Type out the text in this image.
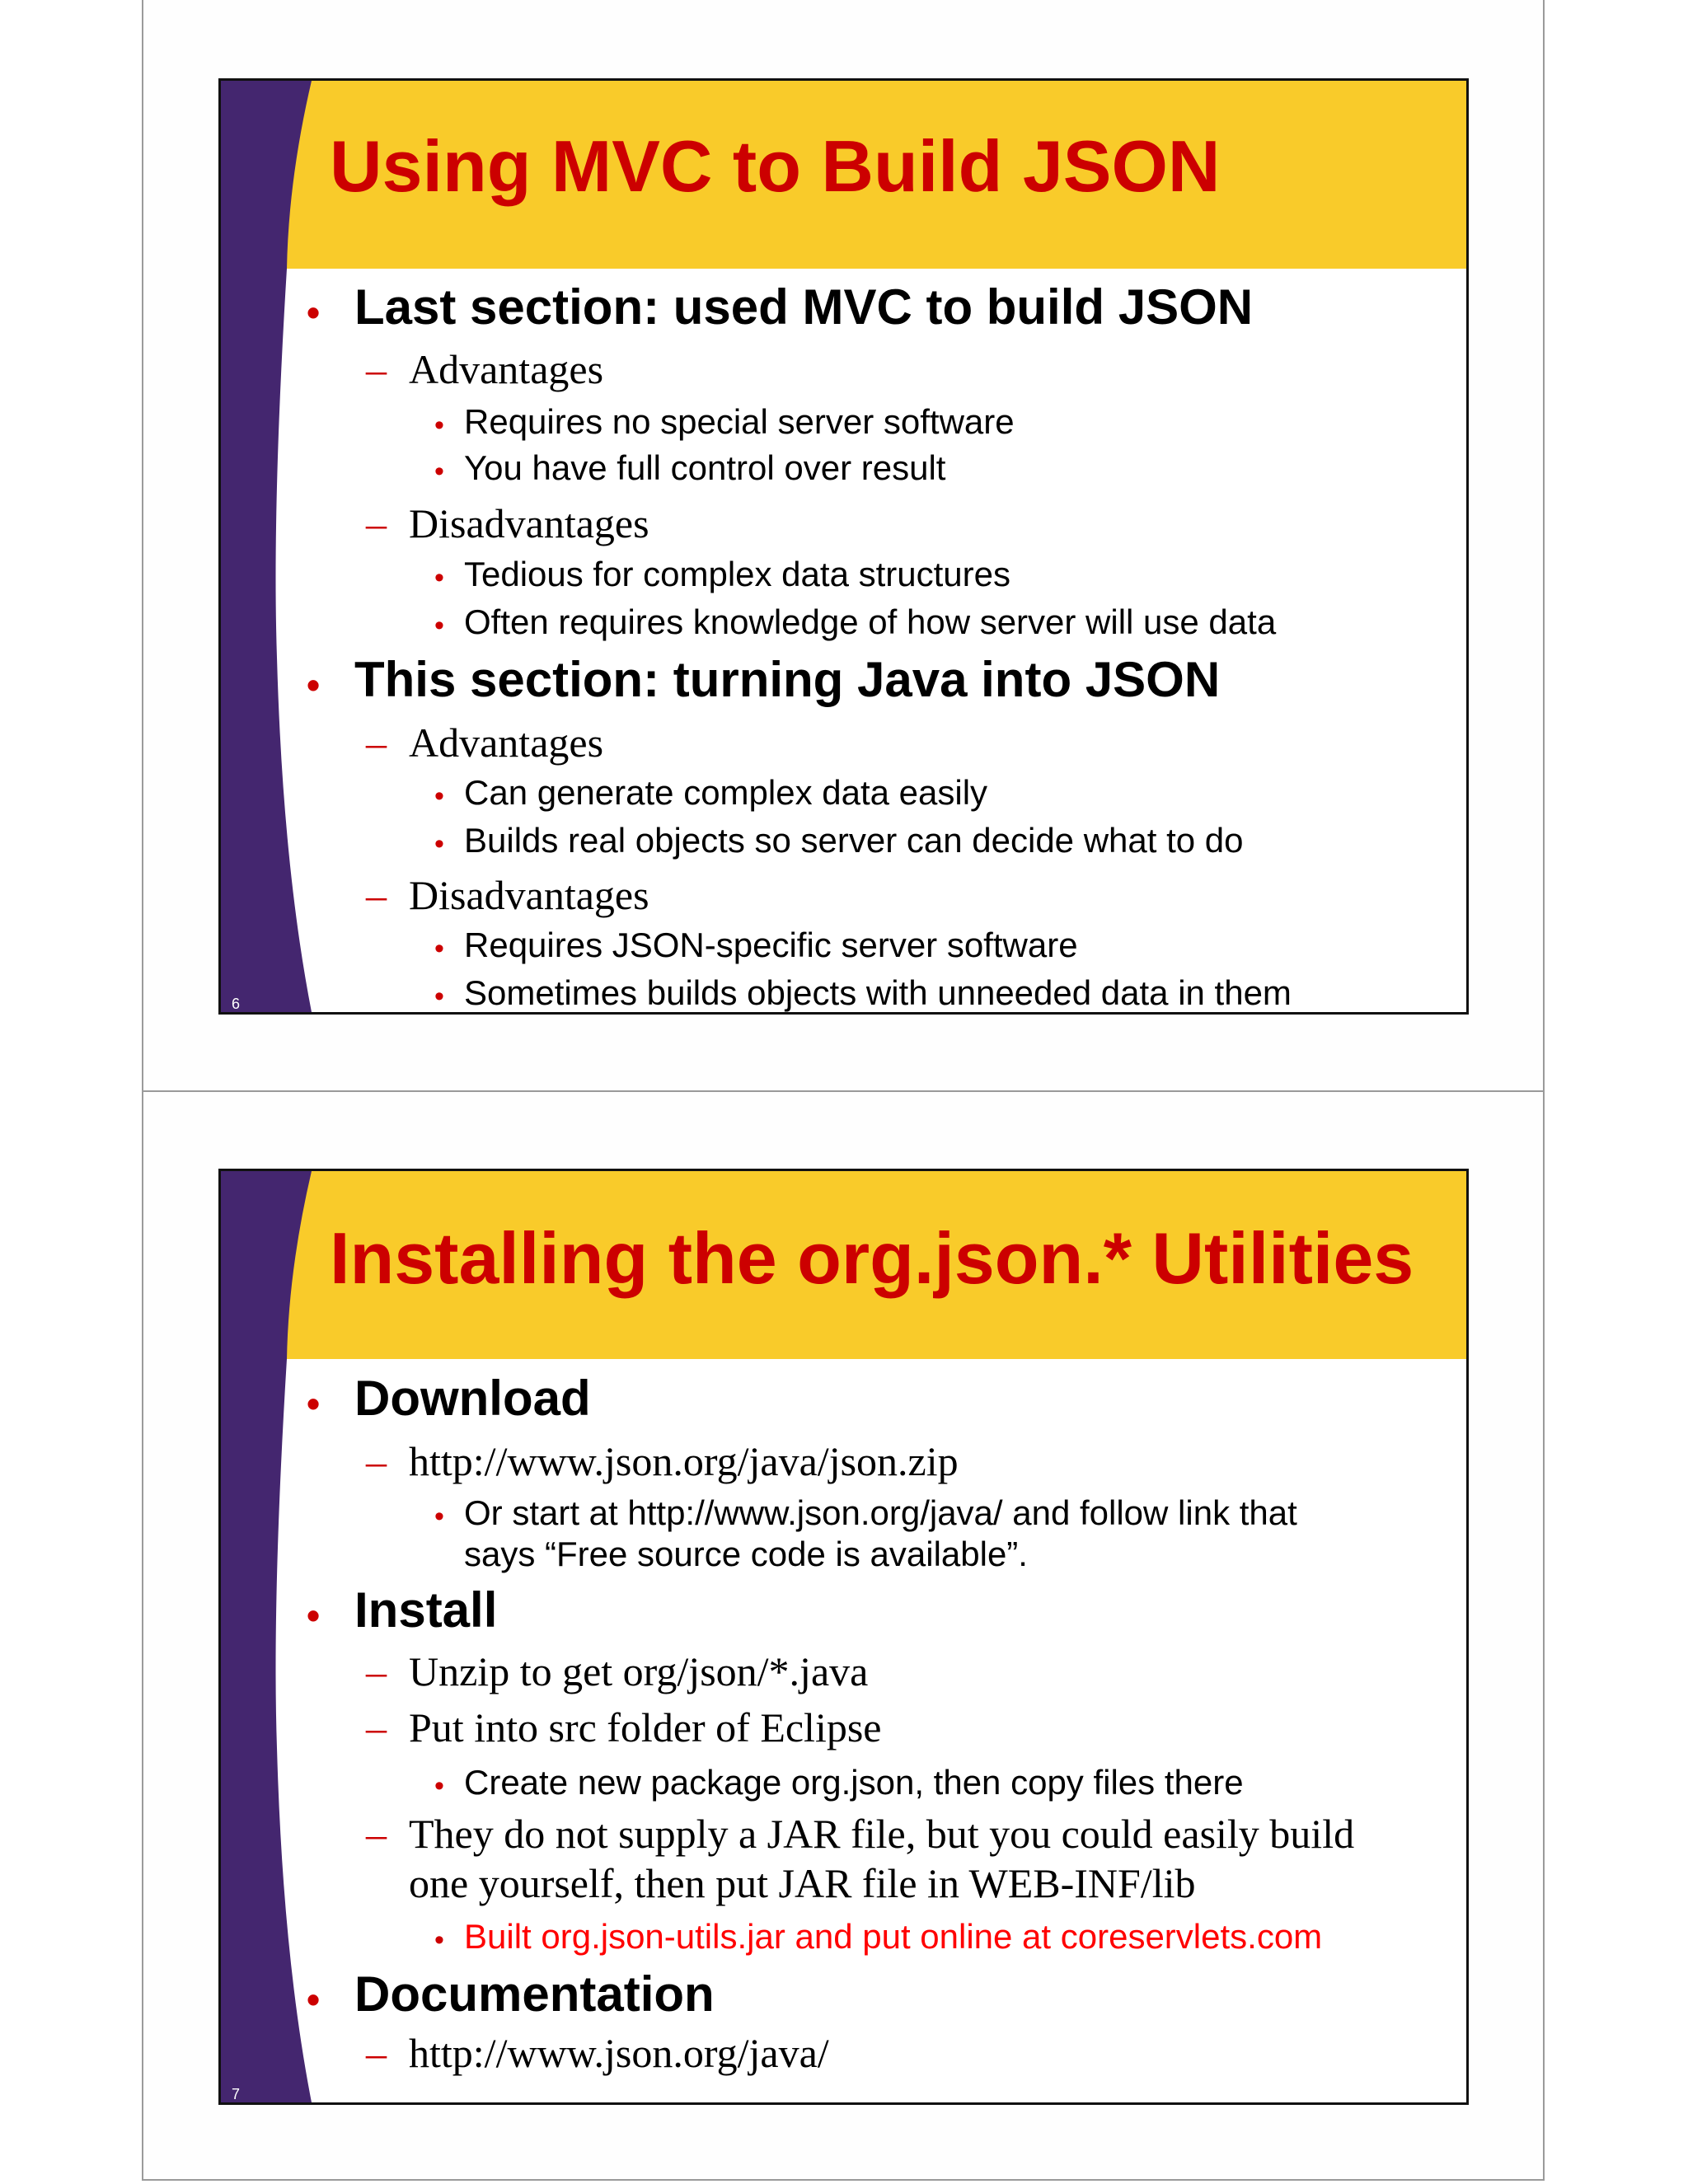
Using MVC to Build JSON
• Last section: used MVC to build JSON
– Advantages
• Requires no special server software
• You have full control over result
– Disadvantages
• Tedious for complex data structures
• Often requires knowledge of how server will use data
• This section: turning Java into JSON
– Advantages
• Can generate complex data easily
• Builds real objects so server can decide what to do
– Disadvantages
• Requires JSON-specific server software
• Sometimes builds objects with unneeded data in them
6
Installing the org.json.* Utilities
• Download
– http://www.json.org/java/json.zip
• Or start at http://www.json.org/java/ and follow link that
says “Free source code is available”.
• Install
– Unzip to get org/json/*.java
– Put into src folder of Eclipse
• Create new package org.json, then copy files there
– They do not supply a JAR file, but you could easily build
one yourself, then put JAR file in WEB-INF/lib
• Built org.json-utils.jar and put online at coreservlets.com
• Documentation
– http://www.json.org/java/
7
